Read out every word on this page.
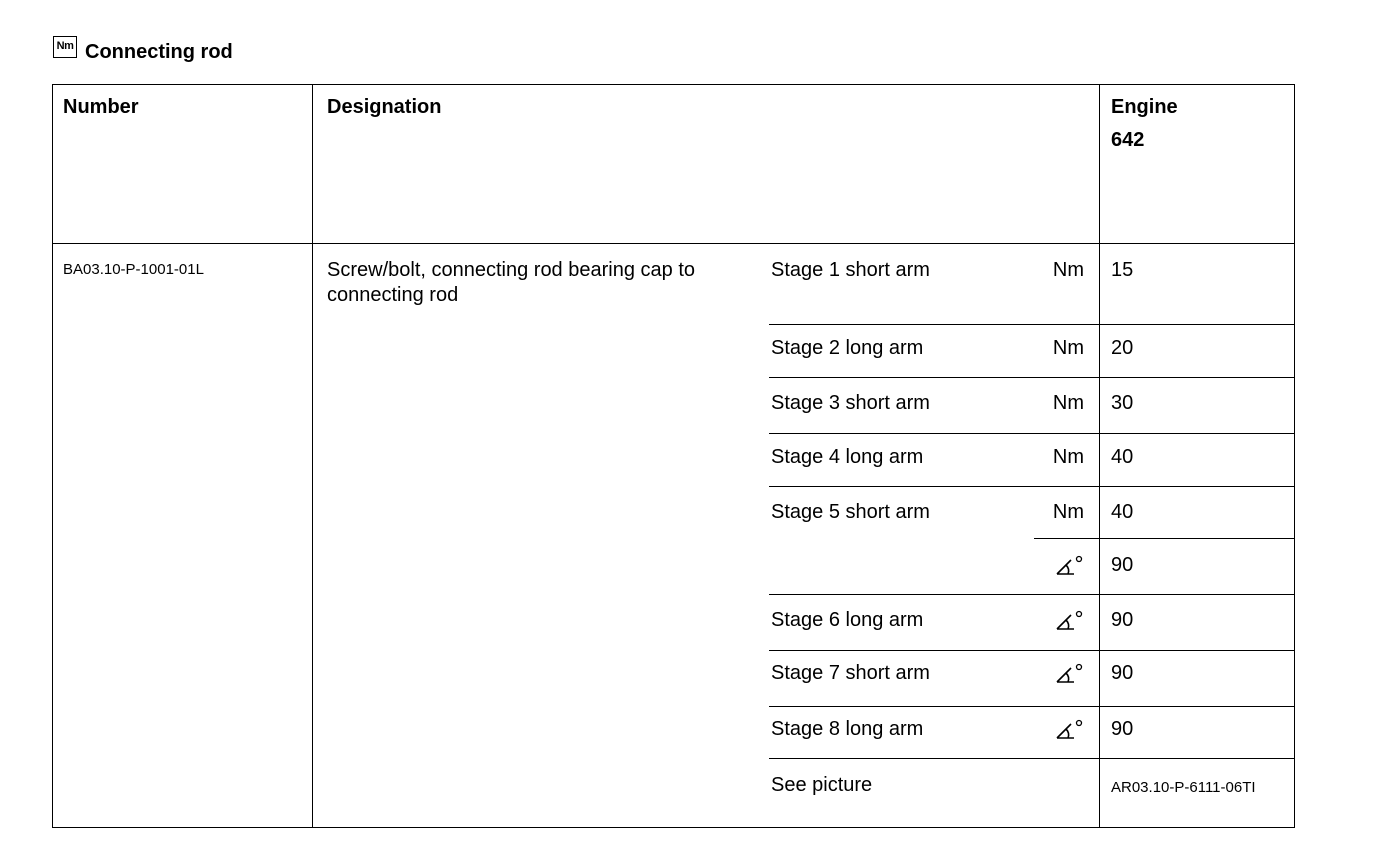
Nm Connecting rod
Number	Designation	Engine
642
BA03.10-P-1001-01L	Screw/bolt, connecting rod bearing cap to
connecting rod
Stage 1 short arm	Nm 15
Stage 2 long arm	Nm 20
Stage 3 short arm	Nm 30
Stage 4 long arm	Nm 40
Stage 5 short arm	Nm 40
90
Stage 6 long arm	90
Stage 7 short arm	90
Stage 8 long arm	90
See picture	AR03.10-P-6111-06TI
